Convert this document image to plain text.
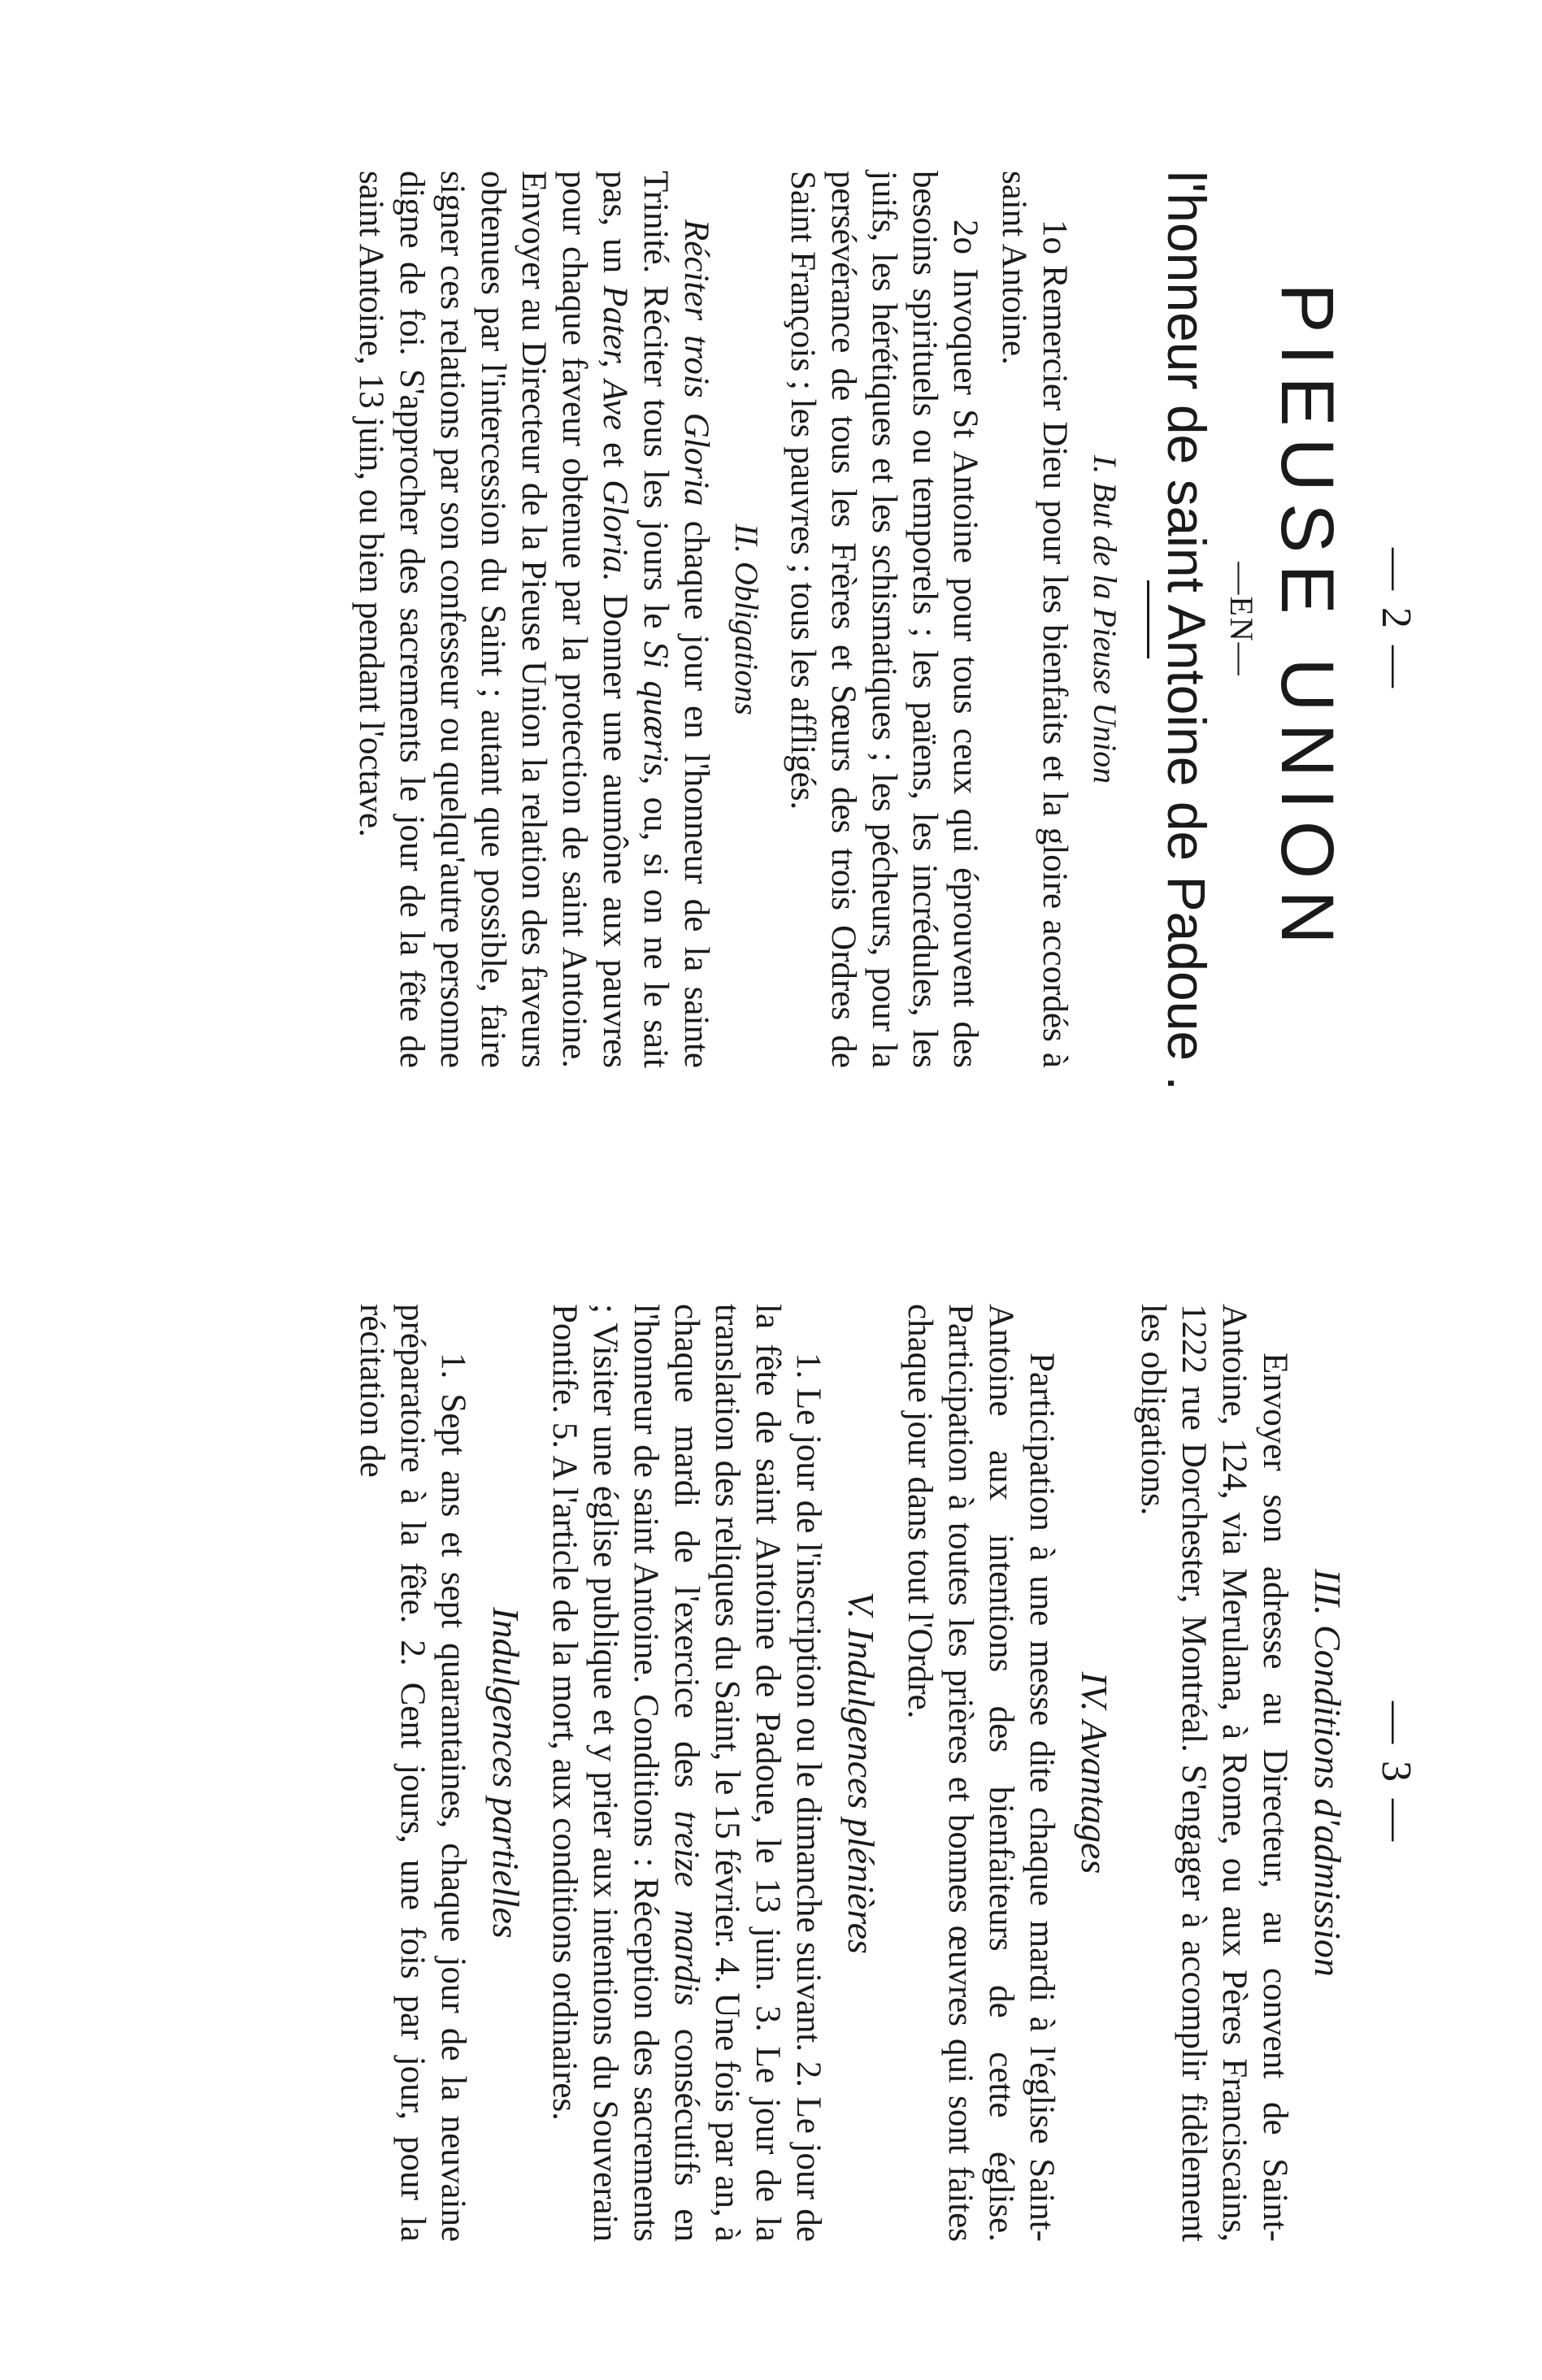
— 2 —
PIEUSE UNION
—EN—
l'honneur de saint Antoine de Padoue .
I. But de la Pieuse Union

1o Remercier Dieu pour les bienfaits et la gloire accordés à saint Antoine.

2o Invoquer St Antoine pour tous ceux qui éprouvent des besoins spirituels ou temporels ; les païens, les incrédules, les juifs, les hérétiques et les schismatiques ; les pécheurs, pour la persévérance de tous les Frères et Sœurs des trois Ordres de Saint François ; les pauvres ; tous les affligés.

II. Obligations

Réciter trois Gloria chaque jour en l'honneur de la sainte Trinité. Réciter tous les jours le Si quæris, ou, si on ne le sait pas, un Pater, Ave et Gloria. Donner une aumône aux pauvres pour chaque faveur obtenue par la protection de saint Antoine. Envoyer au Directeur de la Pieuse Union la relation des faveurs obtenues par l'intercession du Saint ; autant que possible, faire signer ces relations par son confesseur ou quelqu'autre personne digne de foi. S'approcher des sacrements le jour de la fête de saint Antoine, 13 juin, ou bien pendant l'octave.

— 3 —
III. Conditions d'admission

Envoyer son adresse au Directeur, au convent de Saint-Antoine, 124, via Merulana, à Rome, ou aux Pères Franciscains, 1222 rue Dorchester, Montréal. S'engager à accomplir fidèlement les obligations.

IV. Avantages

Participation à une messe dite chaque mardi à l'église Saint-Antoine aux intentions des bienfaiteurs de cette église. Participation à toutes les prières et bonnes œuvres qui sont faites chaque jour dans tout l'Ordre.

V. Indulgences plénières

1. Le jour de l'inscription ou le dimanche suivant. 2. Le jour de la fête de saint Antoine de Padoue, le 13 juin. 3. Le jour de la translation des reliques du Saint, le 15 février. 4. Une fois par an, à chaque mardi de l'exercice des treize mardis consécutifs en l'honneur de saint Antoine. Conditions : Réception des sacrements ; Visiter une église publique et y prier aux intentions du Souverain Pontife. 5. A l'article de la mort, aux conditions ordinaires.

Indulgences partielles

1. Sept ans et sept quarantaines, chaque jour de la neuvaine préparatoire à la fête. 2. Cent jours, une fois par jour, pour la récitation de
